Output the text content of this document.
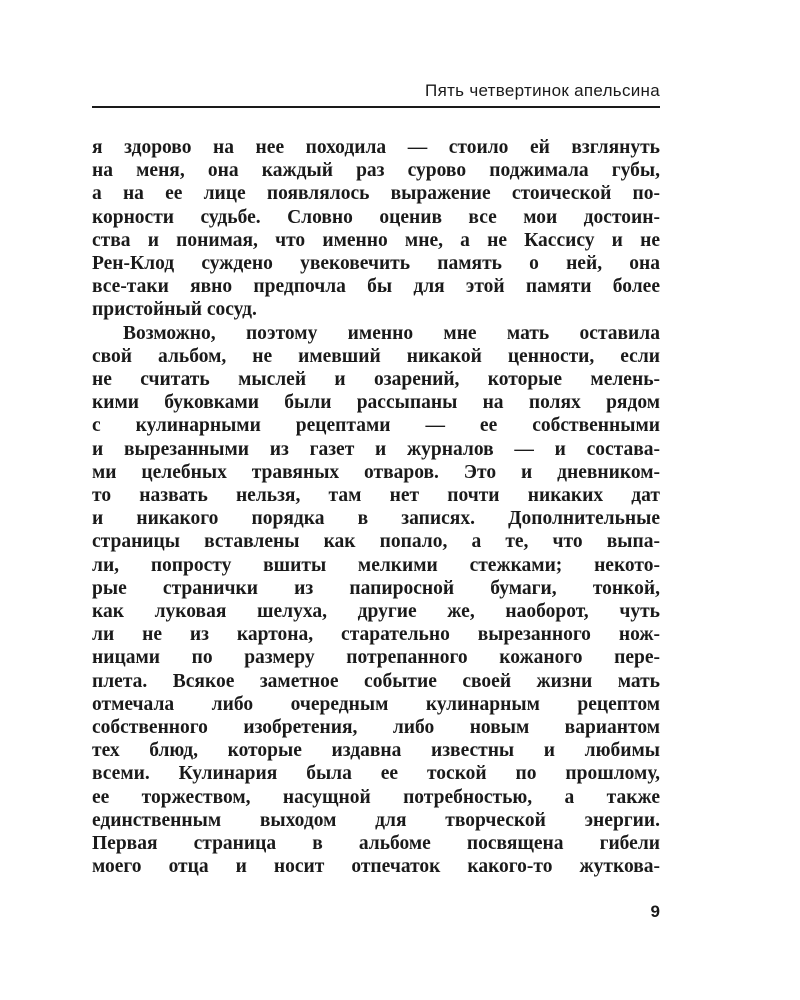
Пять четвертинок апельсина
я здорово на нее походила — стоило ей взглянуть
на меня, она каждый раз сурово поджимала губы,
а на ее лице появлялось выражение стоической по-
корности судьбе. Словно оценив все мои достоин-
ства и понимая, что именно мне, а не Кассису и не
Рен-Клод суждено увековечить память о ней, она
все-таки явно предпочла бы для этой памяти более
пристойный сосуд.
Возможно, поэтому именно мне мать оставила
свой альбом, не имевший никакой ценности, если
не считать мыслей и озарений, которые мелень-
кими буковками были рассыпаны на полях рядом
с кулинарными рецептами — ее собственными
и вырезанными из газет и журналов — и состава-
ми целебных травяных отваров. Это и дневником-
то назвать нельзя, там нет почти никаких дат
и никакого порядка в записях. Дополнительные
страницы вставлены как попало, а те, что выпа-
ли, попросту вшиты мелкими стежками; некото-
рые странички из папиросной бумаги, тонкой,
как луковая шелуха, другие же, наоборот, чуть
ли не из картона, старательно вырезанного нож-
ницами по размеру потрепанного кожаного пере-
плета. Всякое заметное событие своей жизни мать
отмечала либо очередным кулинарным рецептом
собственного изобретения, либо новым вариантом
тех блюд, которые издавна известны и любимы
всеми. Кулинария была ее тоской по прошлому,
ее торжеством, насущной потребностью, а также
единственным выходом для творческой энергии.
Первая страница в альбоме посвящена гибели
моего отца и носит отпечаток какого-то жуткова-
9
